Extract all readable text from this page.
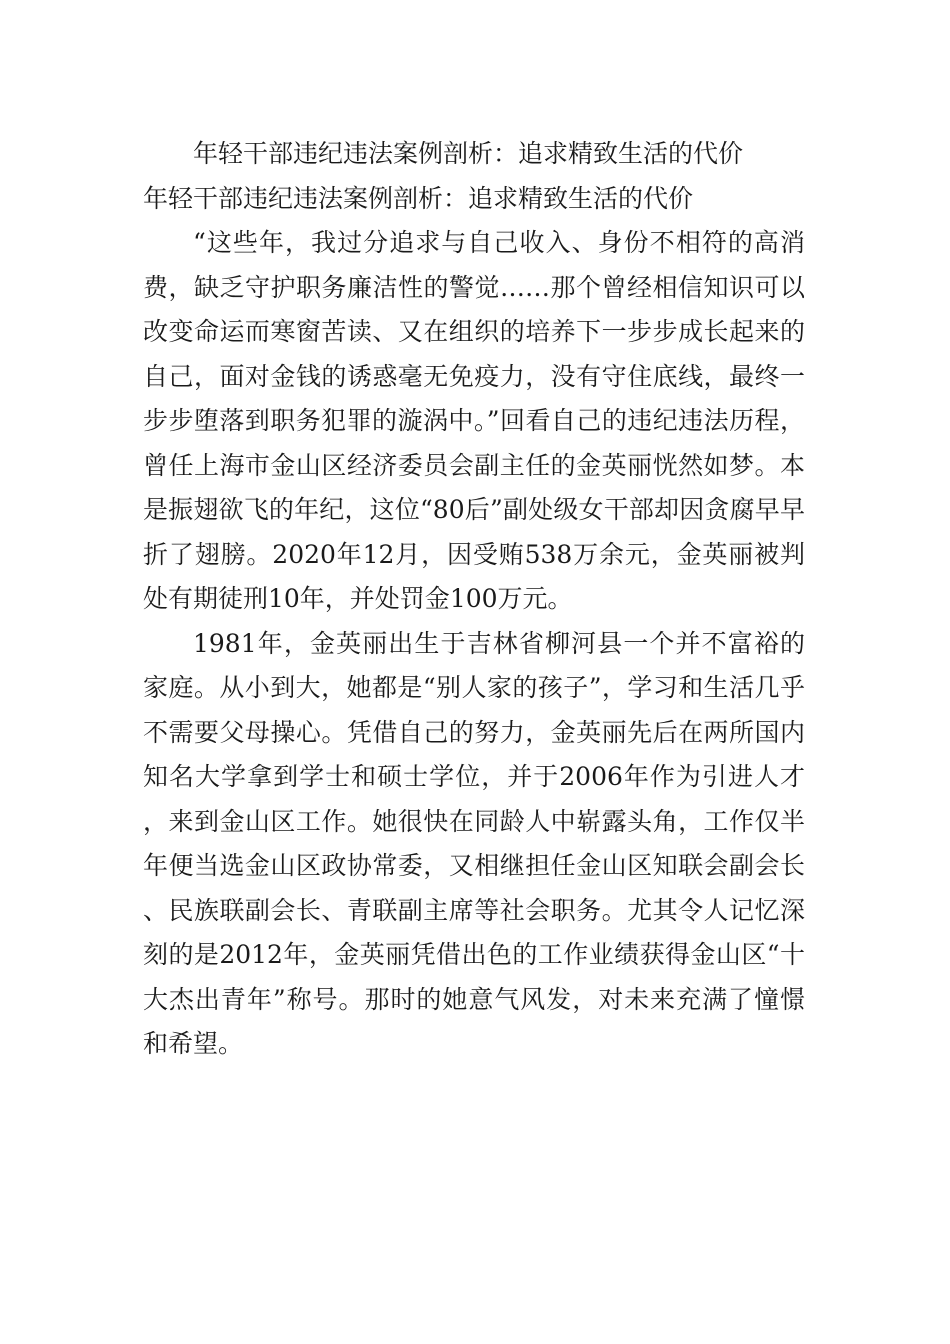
年轻干部违纪违法案例剖析：追求精致生活的代价
年轻干部违纪违法案例剖析：追求精致生活的代价

“这些年，我过分追求与自己收入、身份不相符的高消费，缺乏守护职务廉洁性的警觉……那个曾经相信知识可以改变命运而寒窗苦读、又在组织的培养下一步步成长起来的自己，面对金钱的诱惑毫无免疫力，没有守住底线，最终一步步堕落到职务犯罪的漩涡中。”回看自己的违纪违法历程，曾任上海市金山区经济委员会副主任的金英丽恍然如梦。本是振翅欲飞的年纪，这位“80后”副处级女干部却因贪腐早早折了翅膀。2020年12月，因受贿538万余元，金英丽被判处有期徒刑10年，并处罚金100万元。

1981年，金英丽出生于吉林省柳河县一个并不富裕的家庭。从小到大，她都是“别人家的孩子”，学习和生活几乎不需要父母操心。凭借自己的努力，金英丽先后在两所国内知名大学拿到学士和硕士学位，并于2006年作为引进人才，来到金山区工作。她很快在同龄人中崭露头角，工作仅半年便当选金山区政协常委，又相继担任金山区知联会副会长、民族联副会长、青联副主席等社会职务。尤其令人记忆深刻的是2012年，金英丽凭借出色的工作业绩获得金山区“十大杰出青年”称号。那时的她意气风发，对未来充满了憧憬和希望。
